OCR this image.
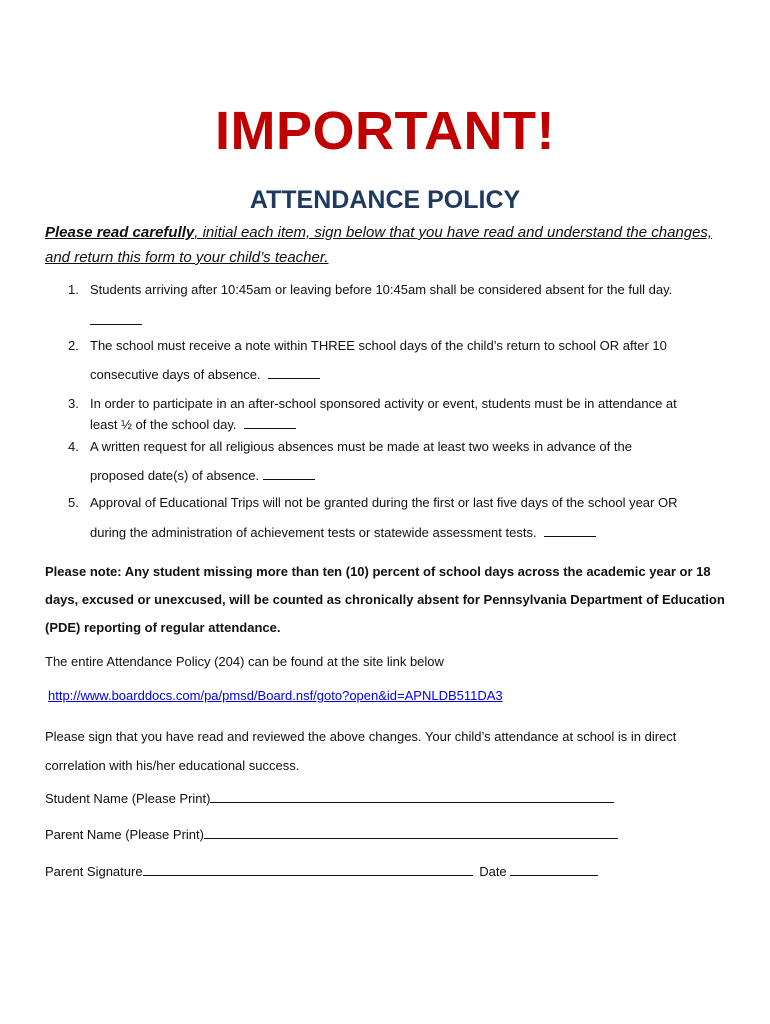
IMPORTANT!
ATTENDANCE POLICY
Please read carefully, initial each item, sign below that you have read and understand the changes, and return this form to your child’s teacher.
1. Students arriving after 10:45am or leaving before 10:45am shall be considered absent for the full day.
2. The school must receive a note within THREE school days of the child’s return to school OR after 10
consecutive days of absence.
3. In order to participate in an after-school sponsored activity or event, students must be in attendance at
least ½ of the school day.
4. A written request for all religious absences must be made at least two weeks in advance of the
proposed date(s) of absence.
5. Approval of Educational Trips will not be granted during the first or last five days of the school year OR
during the administration of achievement tests or statewide assessment tests.
Please note: Any student missing more than ten (10) percent of school days across the academic year or 18 days, excused or unexcused, will be counted as chronically absent for Pennsylvania Department of Education (PDE) reporting of regular attendance.
The entire Attendance Policy (204) can be found at the site link below
http://www.boarddocs.com/pa/pmsd/Board.nsf/goto?open&id=APNLDB511DA3
Please sign that you have read and reviewed the above changes. Your child’s attendance at school is in direct correlation with his/her educational success.
Student Name (Please Print)
Parent Name (Please Print)
Parent Signature	Date
